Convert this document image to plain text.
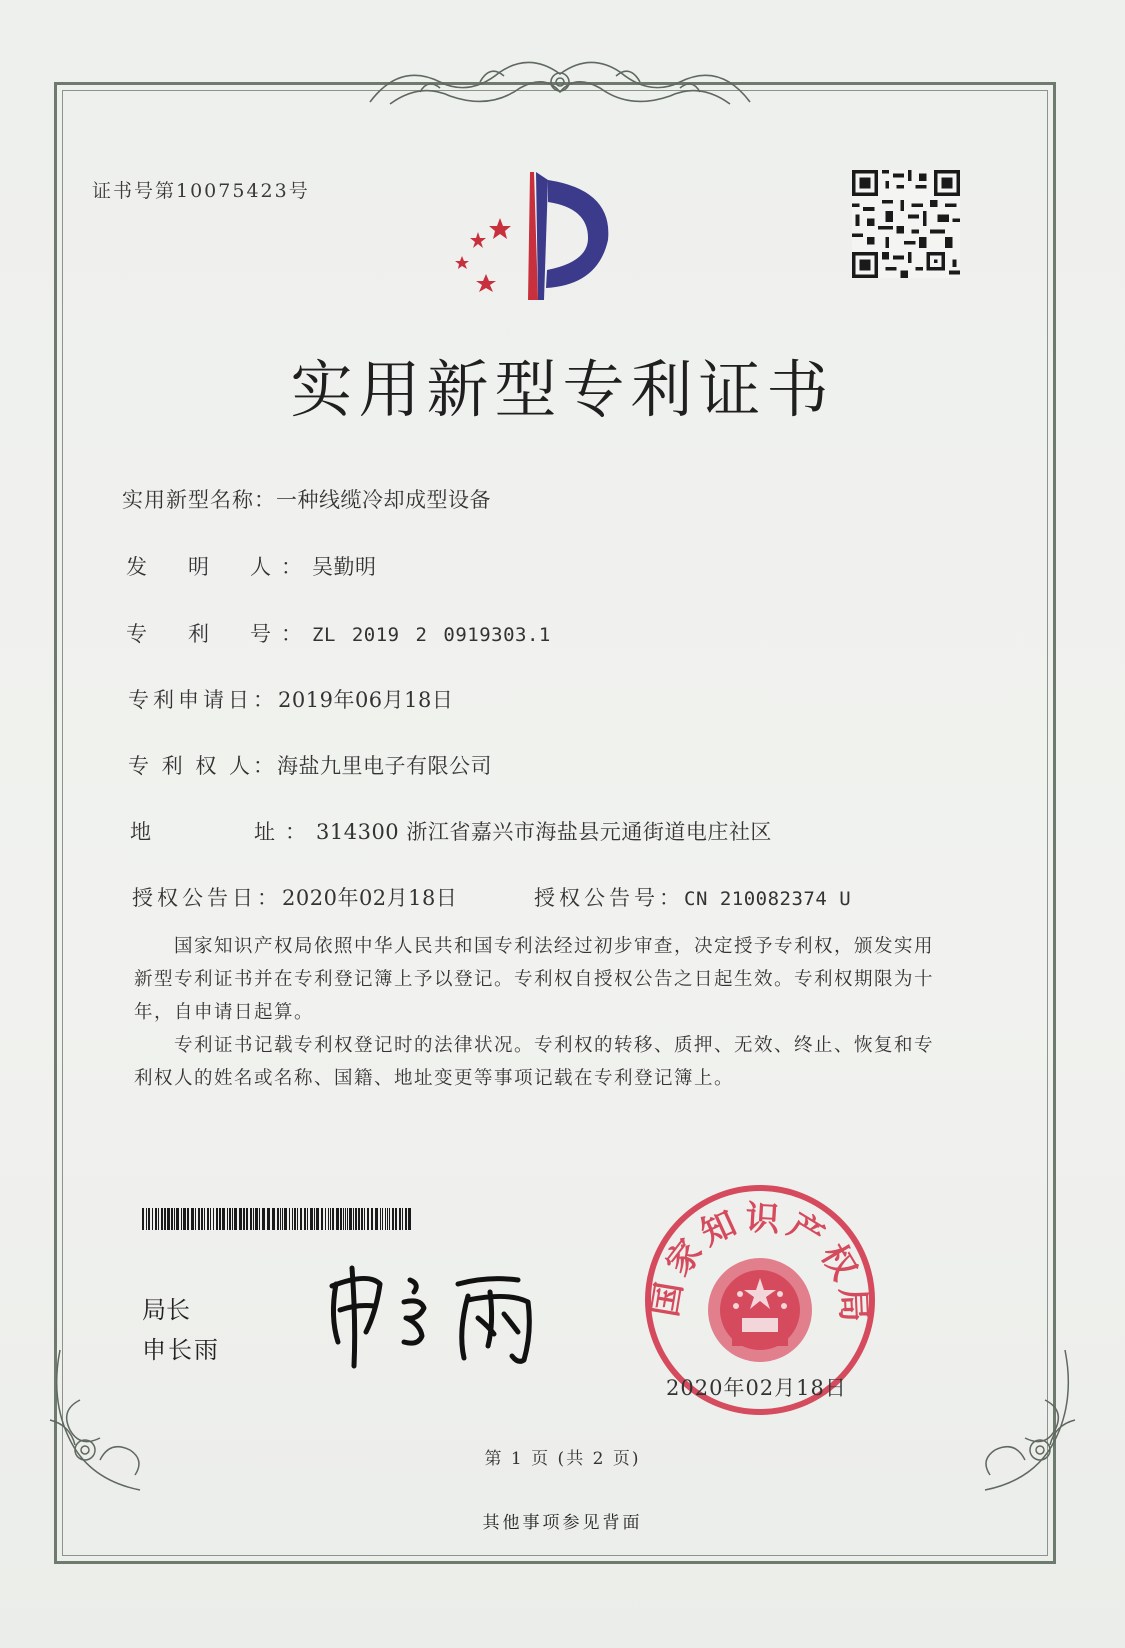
证书号第10075423号
实用新型专利证书
实用新型名称：一种线缆冷却成型设备
发　明　人：吴勤明
专　利　号：ZL 2019 2 0919303.1
专利申请日：2019年06月18日
专 利 权 人：海盐九里电子有限公司
地　　　址：314300 浙江省嘉兴市海盐县元通街道电庄社区
授权公告日：2020年02月18日	授权公告号：CN 210082374 U

国家知识产权局依照中华人民共和国专利法经过初步审查，决定授予专利权，颁发实用新型专利证书并在专利登记簿上予以登记。专利权自授权公告之日起生效。专利权期限为十年，自申请日起算。

专利证书记载专利权登记时的法律状况。专利权的转移、质押、无效、终止、恢复和专利权人的姓名或名称、国籍、地址变更等事项记载在专利登记簿上。

局长
申长雨
国家知识产权局
2020年02月18日
第 1 页 (共 2 页)
其他事项参见背面
